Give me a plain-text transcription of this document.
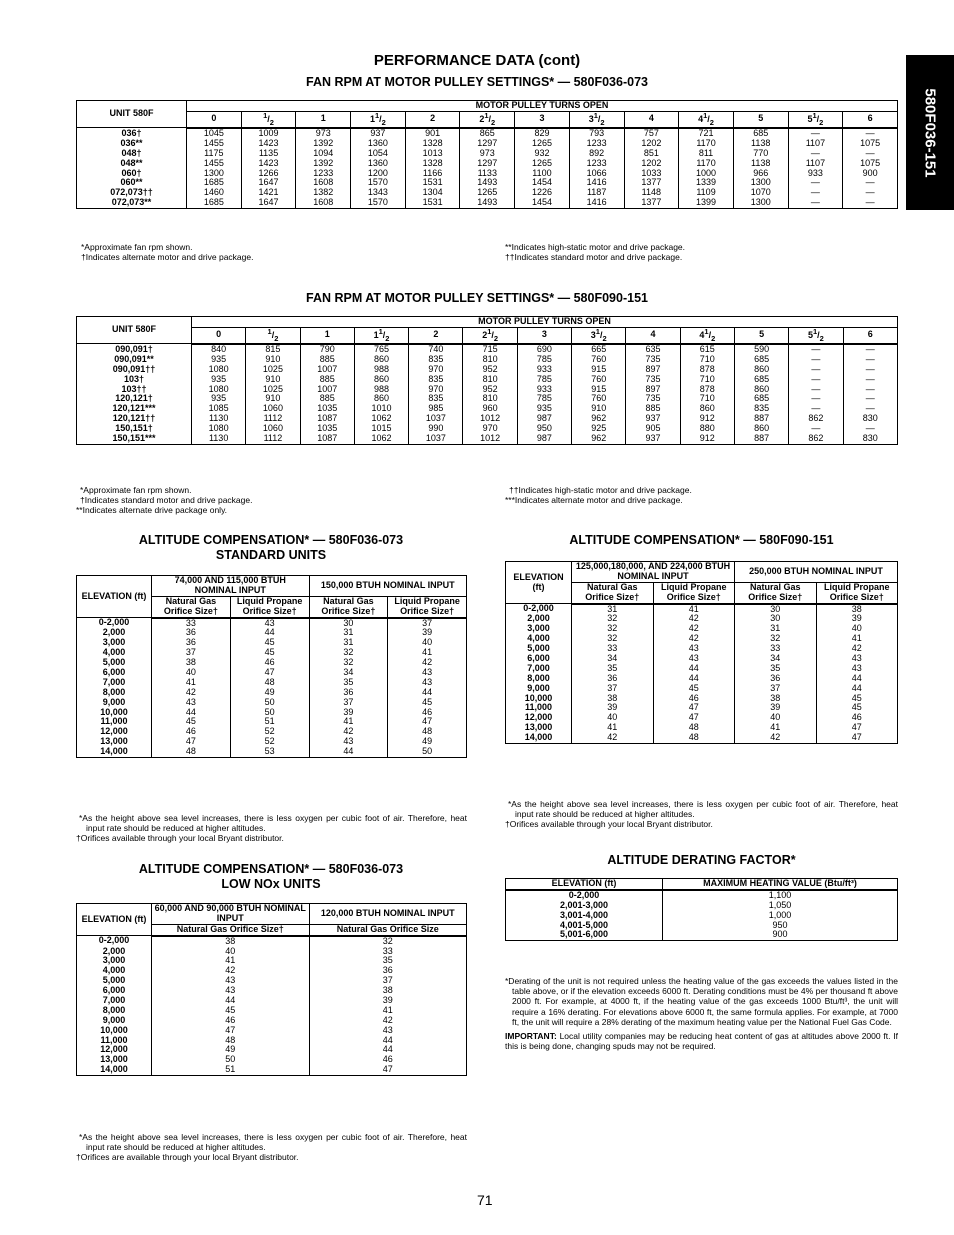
580F036-151
PERFORMANCE DATA (cont)
FAN RPM AT MOTOR PULLEY SETTINGS* — 580F036-073
UNIT 580F	MOTOR PULLEY TURNS OPEN												
	0	$^1/_2$	1	$1^1/_2$	2	$2^1/_2$	3	$3^1/_2$	4	$4^1/_2$	5	$5^1/_2$	6
036†	1045	1009	973	937	901	865	829	793	757	721	685	—	—
036**	1455	1423	1392	1360	1328	1297	1265	1233	1202	1170	1138	1107	1075
048†	1175	1135	1094	1054	1013	973	932	892	851	811	770	—	—
048**	1455	1423	1392	1360	1328	1297	1265	1233	1202	1170	1138	1107	1075
060†	1300	1266	1233	1200	1166	1133	1100	1066	1033	1000	966	933	900
060**	1685	1647	1608	1570	1531	1493	1454	1416	1377	1339	1300	—	—
072,073††	1460	1421	1382	1343	1304	1265	1226	1187	1148	1109	1070	—	—
072,073**	1685	1647	1608	1570	1531	1493	1454	1416	1377	1399	1300	—	—

*Approximate fan rpm shown.

†Indicates alternate motor and drive package.

**Indicates high-static motor and drive package.

††Indicates standard motor and drive package.

FAN RPM AT MOTOR PULLEY SETTINGS* — 580F090-151
UNIT 580F	MOTOR PULLEY TURNS OPEN												
	0	$^1/_2$	1	$1^1/_2$	2	$2^1/_2$	3	$3^1/_2$	4	$4^1/_2$	5	$5^1/_2$	6
090,091†	840	815	790	765	740	715	690	665	635	615	590	—	—
090,091**	935	910	885	860	835	810	785	760	735	710	685	—	—
090,091††	1080	1025	1007	988	970	952	933	915	897	878	860	—	—
103†	935	910	885	860	835	810	785	760	735	710	685	—	—
103††	1080	1025	1007	988	970	952	933	915	897	878	860	—	—
120,121†	935	910	885	860	835	810	785	760	735	710	685	—	—
120,121***	1085	1060	1035	1010	985	960	935	910	885	860	835	—	—
120,121††	1130	1112	1087	1062	1037	1012	987	962	937	912	887	862	830
150,151†	1080	1060	1035	1015	990	970	950	925	905	880	860	—	—
150,151***	1130	1112	1087	1062	1037	1012	987	962	937	912	887	862	830

*Approximate fan rpm shown.

†Indicates standard motor and drive package.

**Indicates alternate drive package only.

††Indicates high-static motor and drive package.

***Indicates alternate motor and drive package.

ALTITUDE COMPENSATION* — 580F036-073
STANDARD UNITS
ELEVATION (ft)	74,000 AND 115,000 BTUH NOMINAL INPUT		150,000 BTUH NOMINAL INPUT	
	Natural Gas Orifice Size†	Liquid Propane Orifice Size†	Natural Gas Orifice Size†	Liquid Propane Orifice Size†
0-2,000	33	43	30	37
2,000	36	44	31	39
3,000	36	45	31	40
4,000	37	45	32	41
5,000	38	46	32	42
6,000	40	47	34	43
7,000	41	48	35	43
8,000	42	49	36	44
9,000	43	50	37	45
10,000	44	50	39	46
11,000	45	51	41	47
12,000	46	52	42	48
13,000	47	52	43	49
14,000	48	53	44	50

*As the height above sea level increases, there is less oxygen per cubic foot of air. Therefore, heat input rate should be reduced at higher altitudes.

†Orifices available through your local Bryant distributor.

ALTITUDE COMPENSATION* — 580F090-151
ELEVATION (ft)	125,000,180,000, AND 224,000 BTUH NOMINAL INPUT		250,000 BTUH NOMINAL INPUT	
	Natural Gas Orifice Size†	Liquid Propane Orifice Size†	Natural Gas Orifice Size†	Liquid Propane Orifice Size†
0-2,000	31	41	30	38
2,000	32	42	30	39
3,000	32	42	31	40
4,000	32	42	32	41
5,000	33	43	33	42
6,000	34	43	34	43
7,000	35	44	35	43
8,000	36	44	36	44
9,000	37	45	37	44
10,000	38	46	38	45
11,000	39	47	39	45
12,000	40	47	40	46
13,000	41	48	41	47
14,000	42	48	42	47

*As the height above sea level increases, there is less oxygen per cubic foot of air. Therefore, heat input rate should be reduced at higher altitudes.

†Orifices available through your local Bryant distributor.

ALTITUDE COMPENSATION* — 580F036-073
LOW NOx UNITS
ELEVATION (ft)	60,000 AND 90,000 BTUH NOMINAL INPUT	120,000 BTUH NOMINAL INPUT
	Natural Gas Orifice Size†	Natural Gas Orifice Size
0-2,000	38	32
2,000	40	33
3,000	41	35
4,000	42	36
5,000	43	37
6,000	43	38
7,000	44	39
8,000	45	41
9,000	46	42
10,000	47	43
11,000	48	44
12,000	49	44
13,000	50	46
14,000	51	47

*As the height above sea level increases, there is less oxygen per cubic foot of air. Therefore, heat input rate should be reduced at higher altitudes.

†Orifices are available through your local Bryant distributor.

ALTITUDE DERATING FACTOR*
ELEVATION (ft)	MAXIMUM HEATING VALUE (Btu/ft³)
0-2,000	1,100
2,001-3,000	1,050
3,001-4,000	1,000
4,001-5,000	950
5,001-6,000	900

*Derating of the unit is not required unless the heating value of the gas exceeds the values listed in the table above, or if the elevation exceeds 6000 ft. Derating conditions must be 4% per thousand ft above 2000 ft. For example, at 4000 ft, if the heating value of the gas exceeds 1000 Btu/ft³, the unit will require a 16% derating. For elevations above 6000 ft, the same formula applies. For example, at 7000 ft, the unit will require a 28% derating of the maximum heating value per the National Fuel Gas Code.

IMPORTANT: Local utility companies may be reducing heat content of gas at altitudes above 2000 ft. If this is being done, changing spuds may not be required.

71
